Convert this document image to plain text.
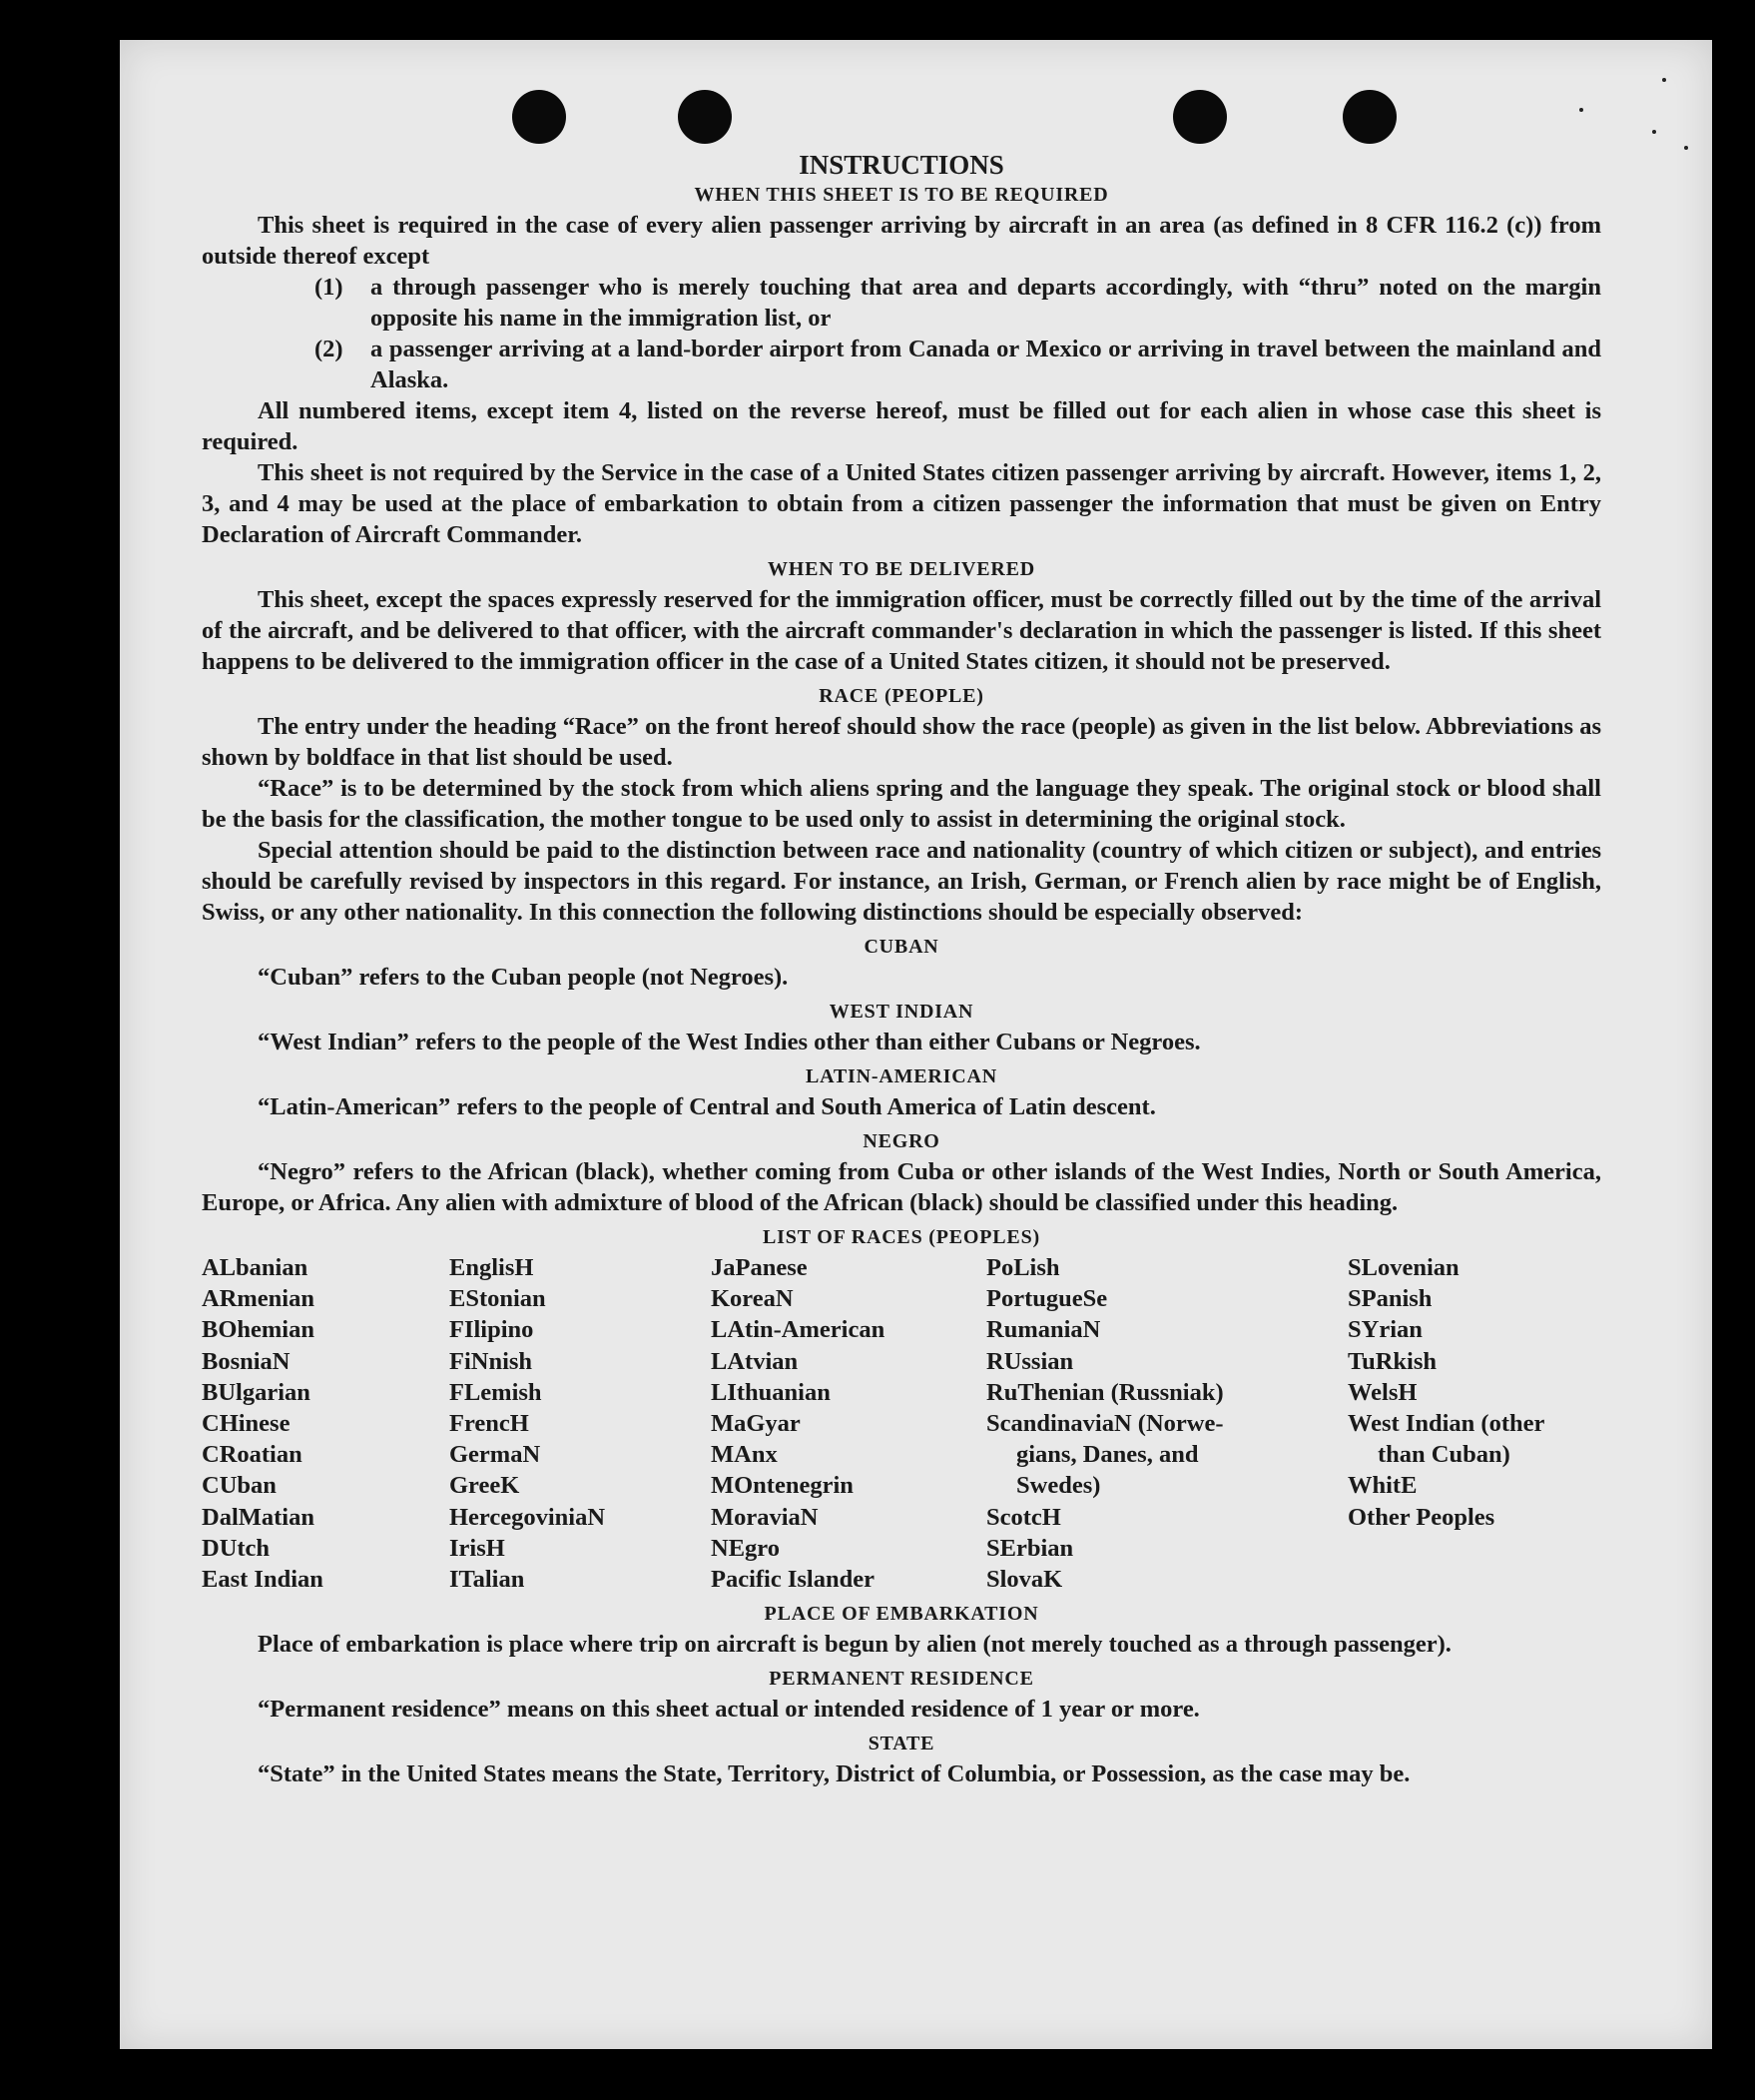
INSTRUCTIONS
WHEN THIS SHEET IS TO BE REQUIRED

This sheet is required in the case of every alien passenger arriving by aircraft in an area (as defined in 8 CFR 116.2 (c)) from outside thereof except

(1)	a through passenger who is merely touching that area and departs accordingly, with “thru” noted on the margin opposite his name in the immigration list, or
(2)	a passenger arriving at a land-border airport from Canada or Mexico or arriving in travel between the mainland and Alaska.

All numbered items, except item 4, listed on the reverse hereof, must be filled out for each alien in whose case this sheet is required.

This sheet is not required by the Service in the case of a United States citizen passenger arriving by aircraft. However, items 1, 2, 3, and 4 may be used at the place of embarkation to obtain from a citizen passenger the information that must be given on Entry Declaration of Aircraft Commander.

WHEN TO BE DELIVERED

This sheet, except the spaces expressly reserved for the immigration officer, must be correctly filled out by the time of the arrival of the aircraft, and be delivered to that officer, with the aircraft commander's declaration in which the passenger is listed. If this sheet happens to be delivered to the immigration officer in the case of a United States citizen, it should not be preserved.

RACE (PEOPLE)

The entry under the heading “Race” on the front hereof should show the race (people) as given in the list below. Abbreviations as shown by boldface in that list should be used.

“Race” is to be determined by the stock from which aliens spring and the language they speak. The original stock or blood shall be the basis for the classification, the mother tongue to be used only to assist in determining the original stock.

Special attention should be paid to the distinction between race and nationality (country of which citizen or subject), and entries should be carefully revised by inspectors in this regard. For instance, an Irish, German, or French alien by race might be of English, Swiss, or any other nationality. In this connection the following distinctions should be especially observed:

CUBAN

“Cuban” refers to the Cuban people (not Negroes).

WEST INDIAN

“West Indian” refers to the people of the West Indies other than either Cubans or Negroes.

LATIN-AMERICAN

“Latin-American” refers to the people of Central and South America of Latin descent.

NEGRO

“Negro” refers to the African (black), whether coming from Cuba or other islands of the West Indies, North or South America, Europe, or Africa. Any alien with admixture of blood of the African (black) should be classified under this heading.

LIST OF RACES (PEOPLES)
ALbanian
ARmenian
BOhemian
BosniaN
BUlgarian
CHinese
CRoatian
CUban
DalMatian
DUtch
East Indian
EnglisH
EStonian
FIlipino
FiNnish
FLemish
FrencH
GermaN
GreeK
HercegoviniaN
IrisH
ITalian
JaPanese
KoreaN
LAtin-American
LAtvian
LIthuanian
MaGyar
MAnx
MOntenegrin
MoraviaN
NEgro
Pacific Islander
PoLish
PortugueSe
RumaniaN
RUssian
RuThenian (Russniak)
ScandinaviaN (Norwe-
gians, Danes, and
Swedes)
ScotcH
SErbian
SlovaK
SLovenian
SPanish
SYrian
TuRkish
WelsH
West Indian (other
than Cuban)
WhitE
Other Peoples
PLACE OF EMBARKATION

Place of embarkation is place where trip on aircraft is begun by alien (not merely touched as a through passenger).

PERMANENT RESIDENCE

“Permanent residence” means on this sheet actual or intended residence of 1 year or more.

STATE

“State” in the United States means the State, Territory, District of Columbia, or Possession, as the case may be.
